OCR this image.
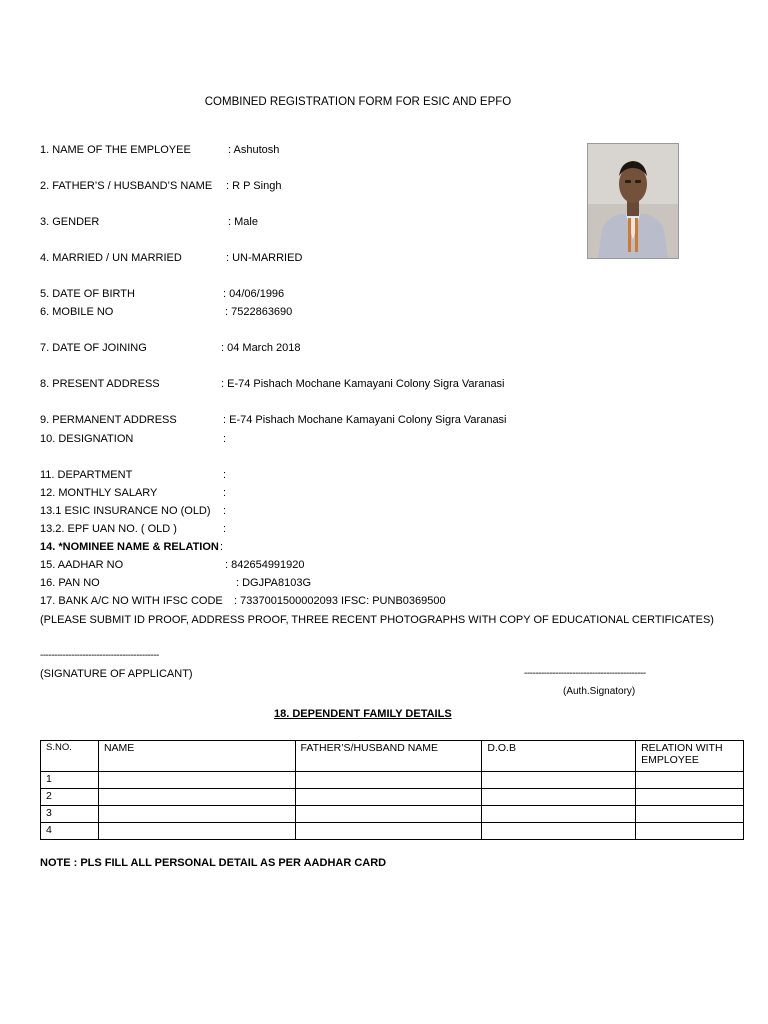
COMBINED REGISTRATION FORM FOR ESIC AND EPFO
1. NAME OF THE EMPLOYEE	: Ashutosh
2. FATHER’S / HUSBAND’S NAME : R P Singh
3. GENDER	: Male
4. MARRIED / UN MARRIED	: UN-MARRIED
5. DATE OF BIRTH	: 04/06/1996
6. MOBILE NO	: 7522863690
7. DATE OF JOINING	: 04 March 2018
8. PRESENT ADDRESS	: E-74 Pishach Mochane Kamayani Colony Sigra Varanasi
9. PERMANENT ADDRESS	: E-74 Pishach Mochane Kamayani Colony Sigra Varanasi
10. DESIGNATION	:
11. DEPARTMENT	:
12. MONTHLY SALARY	:
13.1 ESIC INSURANCE NO (OLD) :
13.2. EPF UAN NO. ( OLD )	:
14. *NOMINEE NAME & RELATION :
15. AADHAR NO	: 842654991920
16. PAN NO	: DGJPA8103G
17. BANK A/C NO WITH IFSC CODE : 7337001500002093 IFSC: PUNB0369500
(PLEASE SUBMIT ID PROOF, ADDRESS PROOF, THREE RECENT PHOTOGRAPHS WITH COPY OF EDUCATIONAL CERTIFICATES)
------------------------------------------
(SIGNATURE OF APPLICANT)	-------------------------------------------
(Auth.Signatory)
18. DEPENDENT FAMILY DETAILS
S.NO.	NAME	FATHER’S/HUSBAND NAME	D.O.B	RELATION WITH EMPLOYEE
1				
2				
3				
4				
NOTE : PLS FILL ALL PERSONAL DETAIL AS PER AADHAR CARD
